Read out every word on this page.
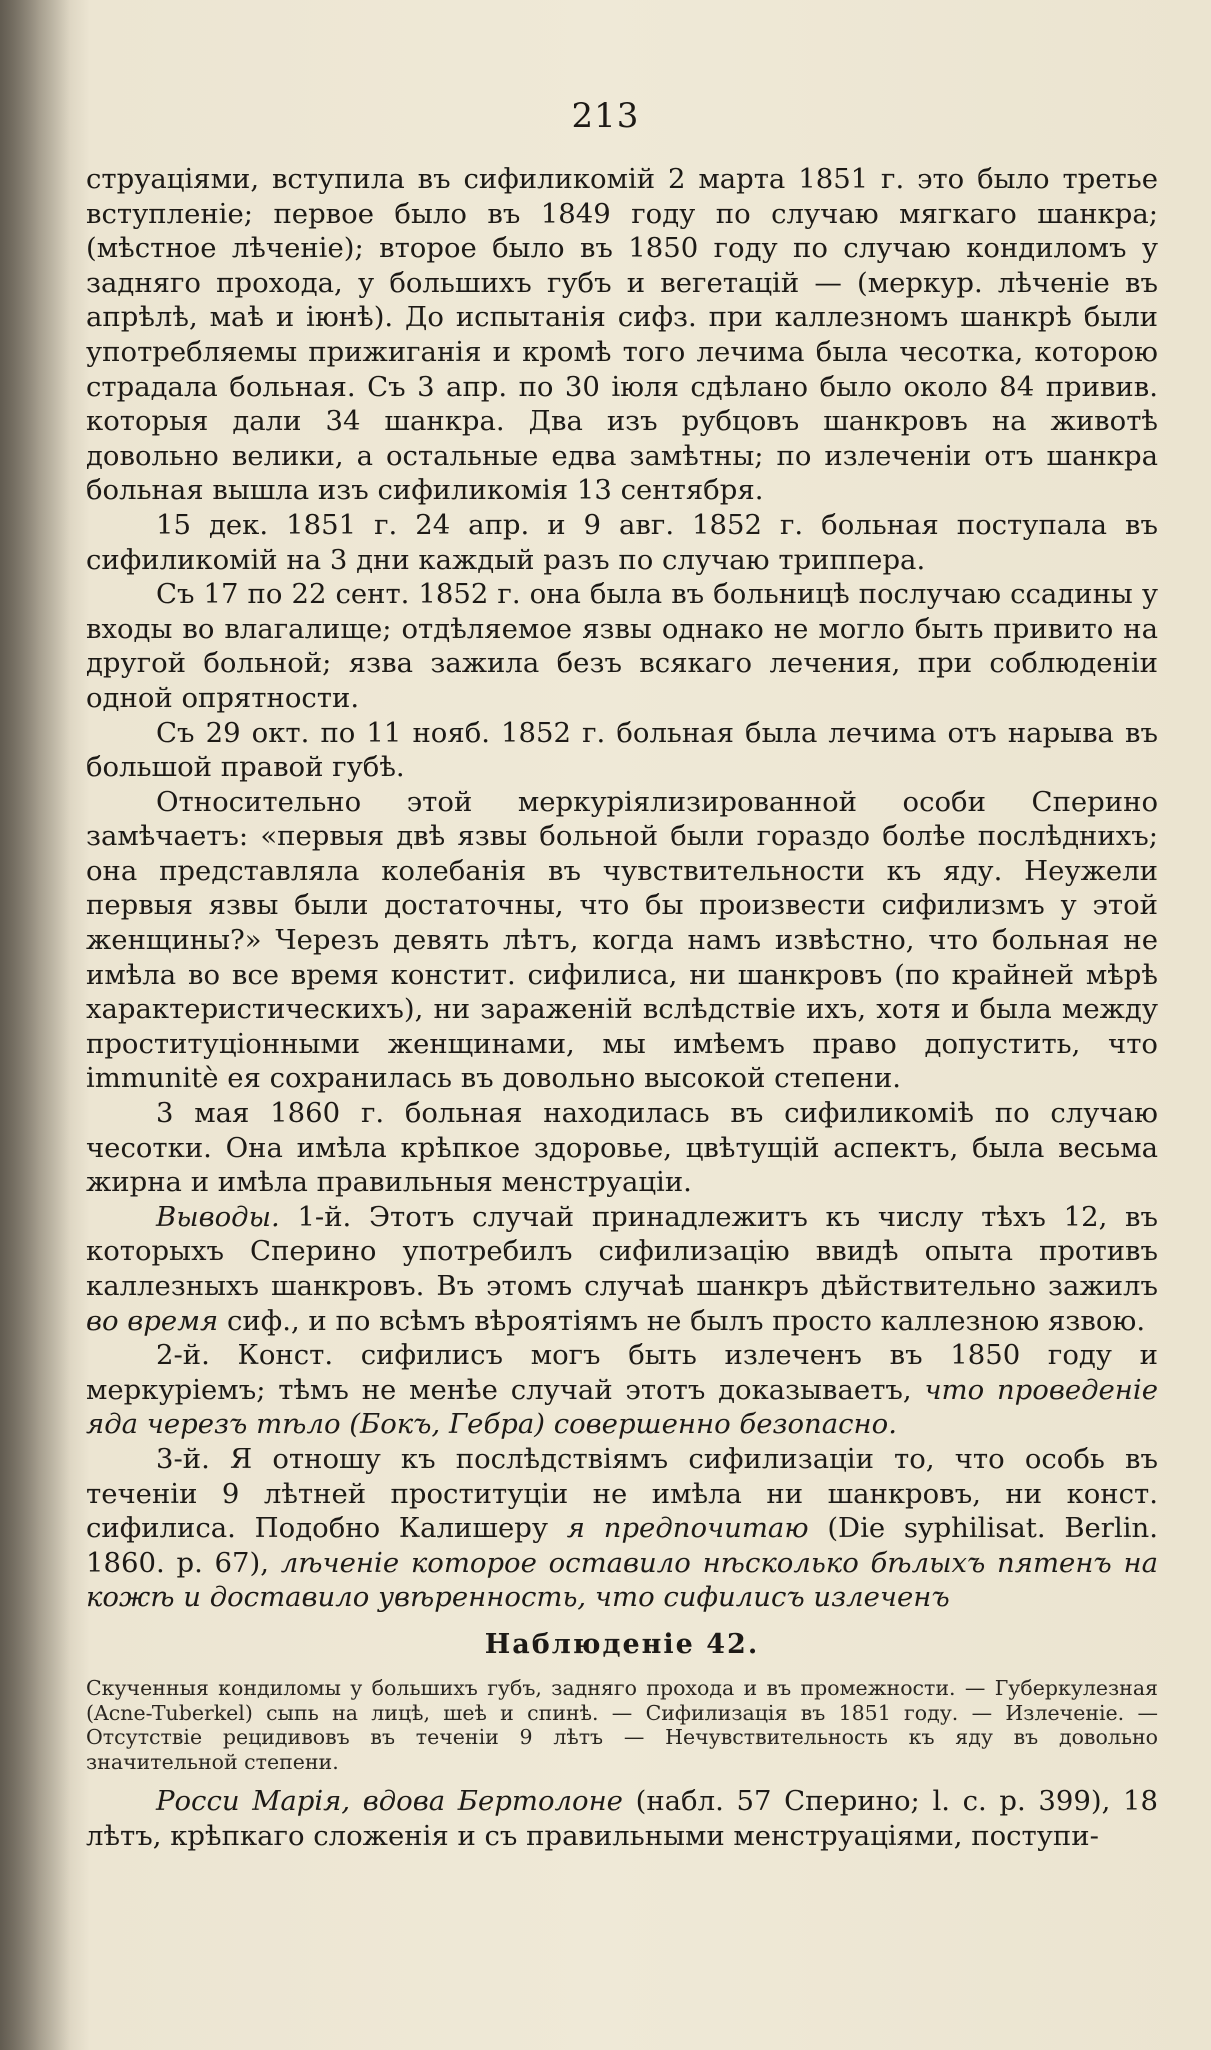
213

струаціями, вступила въ сифиликомій 2 марта 1851 г. это было третье вступленіе; первое было въ 1849 году по случаю мягкаго шанкра; (мѣстное лѣченіе); второе было въ 1850 году по случаю кондиломъ у задняго прохода, у большихъ губъ и вегетацій — (меркур. лѣченіе въ апрѣлѣ, маѣ и іюнѣ). До испытанія сифз. при каллезномъ шанкрѣ были употребляемы прижиганія и кромѣ того лечима была чесотка, которою страдала больная. Съ 3 апр. по 30 іюля сдѣлано было около 84 привив. которыя дали 34 шанкра. Два изъ рубцовъ шанкровъ на животѣ довольно велики, а остальные едва замѣтны; по излеченіи отъ шанкра больная вышла изъ сифиликомія 13 сентября.

15 дек. 1851 г. 24 апр. и 9 авг. 1852 г. больная поступала въ сифиликомій на 3 дни каждый разъ по случаю триппера.

Съ 17 по 22 сент. 1852 г. она была въ больницѣ послучаю ссадины у входы во влагалище; отдѣляемое язвы однако не могло быть привито на другой больной; язва зажила безъ всякаго лечения, при соблюденіи одной опрятности.

Съ 29 окт. по 11 нояб. 1852 г. больная была лечима отъ нарыва въ большой правой губѣ.

Относительно этой меркуріялизированной особи Сперино замѣчаетъ: «первыя двѣ язвы больной были гораздо болѣе послѣднихъ; она представляла колебанія въ чувствительности къ яду. Неужели первыя язвы были достаточны, что бы произвести сифилизмъ у этой женщины?» Черезъ девять лѣтъ, когда намъ извѣстно, что больная не имѣла во все время констит. сифилиса, ни шанкровъ (по крайней мѣрѣ характеристическихъ), ни зараженій вслѣдствіе ихъ, хотя и была между проституціонными женщинами, мы имѣемъ право допустить, что immunitè ея сохранилась въ довольно высокой степени.

3 мая 1860 г. больная находилась въ сифиликоміѣ по случаю чесотки. Она имѣла крѣпкое здоровье, цвѣтущій аспектъ, была весьма жирна и имѣла правильныя менструаціи.

Выводы. 1-й. Этотъ случай принадлежитъ къ числу тѣхъ 12, въ которыхъ Сперино употребилъ сифилизацію ввидѣ опыта противъ каллезныхъ шанкровъ. Въ этомъ случаѣ шанкръ дѣйствительно зажилъ во время сиф., и по всѣмъ вѣроятіямъ не былъ просто каллезною язвою.

2-й. Конст. сифилисъ могъ быть излеченъ въ 1850 году и меркуріемъ; тѣмъ не менѣе случай этотъ доказываетъ, что проведеніе яда черезъ тѣло (Бокъ, Гебра) совершенно безопасно.

3-й. Я отношу къ послѣдствіямъ сифилизаціи то, что особь въ теченіи 9 лѣтней проституціи не имѣла ни шанкровъ, ни конст. сифилиса. Подобно Калишеру я предпочитаю (Die syphilisat. Berlin. 1860. p. 67), лѣченіе которое оставило нѣсколько бѣлыхъ пятенъ на кожѣ и доставило увѣренность, что сифилисъ излеченъ

Наблюденіе 42.

Скученныя кондиломы у большихъ губъ, задняго прохода и въ промежности. — Губеркулезная (Acne-Tuberkel) сыпь на лицѣ, шеѣ и спинѣ. — Сифилизація въ 1851 году. — Излеченіе. — Отсутствіе рецидивовъ въ теченіи 9 лѣтъ — Нечувствительность къ яду въ довольно значительной степени.

Росси Марія, вдова Бертолоне (набл. 57 Сперино; l. c. p. 399), 18 лѣтъ, крѣпкаго сложенія и съ правильными менструаціями, поступи-
